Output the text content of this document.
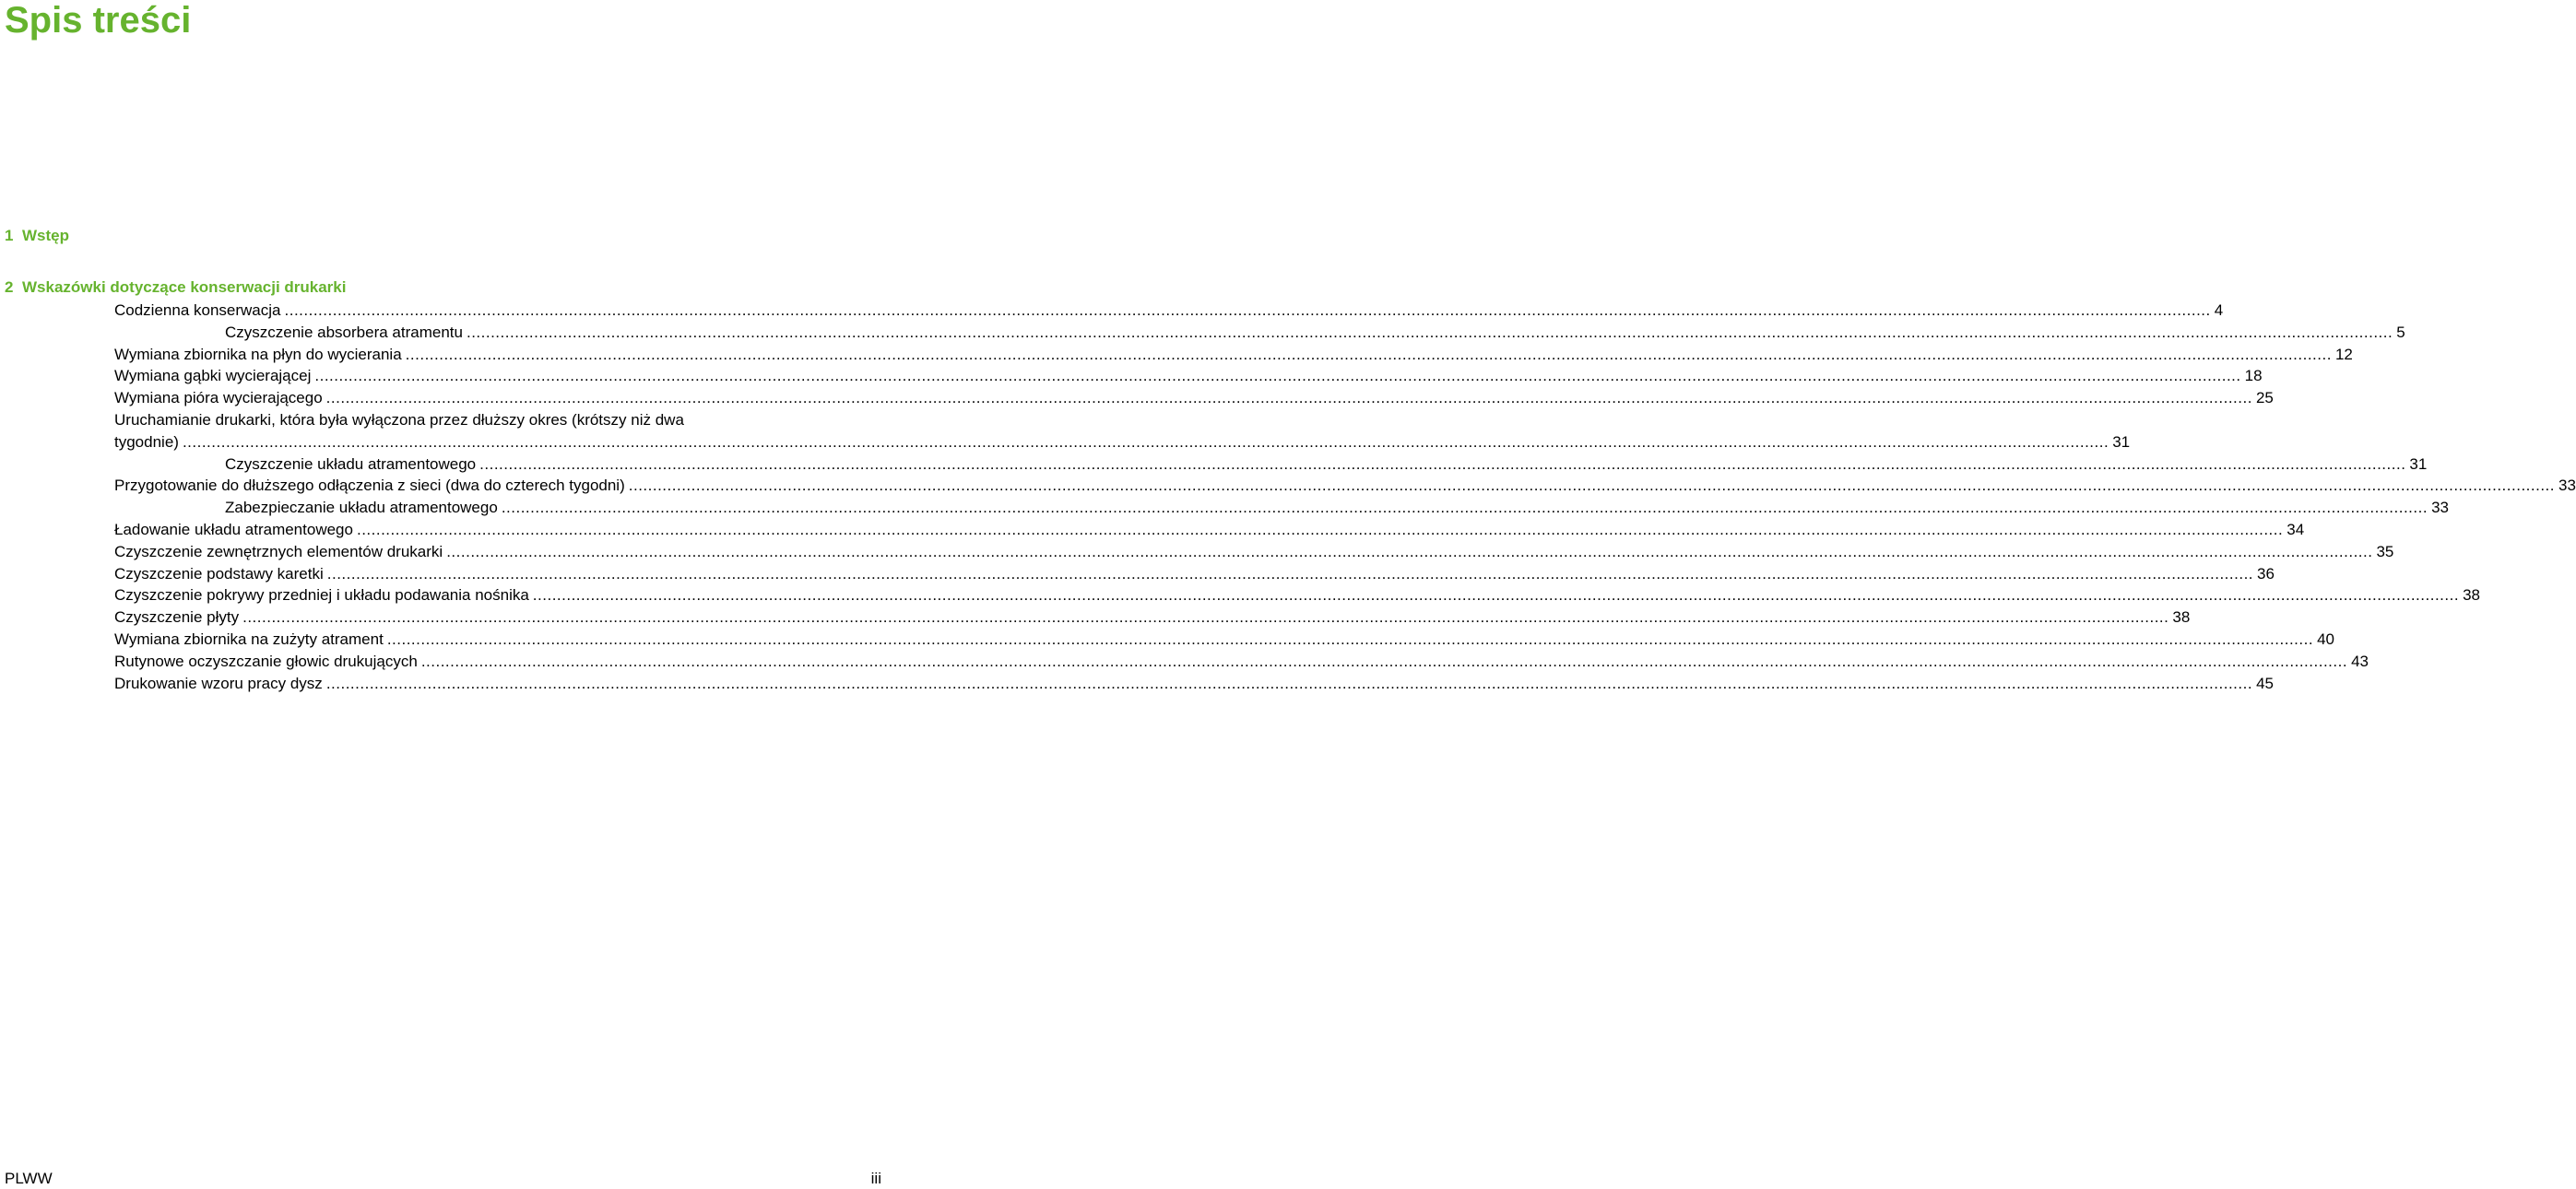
Spis treści
1 Wstęp
2 Wskazówki dotyczące konserwacji drukarki
Codzienna konserwacja ................................................................................................................................................................................................................................................................................................................................................................................................................ 4
Czyszczenie absorbera atramentu ................................................................................................................................................................................................................................................................................................................................................................................................................ 5
Wymiana zbiornika na płyn do wycierania ................................................................................................................................................................................................................................................................................................................................................................................................................ 12
Wymiana gąbki wycierającej ................................................................................................................................................................................................................................................................................................................................................................................................................ 18
Wymiana pióra wycierającego ................................................................................................................................................................................................................................................................................................................................................................................................................ 25
Uruchamianie drukarki, która była wyłączona przez dłuższy okres (krótszy niż dwa
tygodnie) ................................................................................................................................................................................................................................................................................................................................................................................................................ 31
Czyszczenie układu atramentowego ................................................................................................................................................................................................................................................................................................................................................................................................................ 31
Przygotowanie do dłuższego odłączenia z sieci (dwa do czterech tygodni) ................................................................................................................................................................................................................................................................................................................................................................................................................ 33
Zabezpieczanie układu atramentowego ................................................................................................................................................................................................................................................................................................................................................................................................................ 33
Ładowanie układu atramentowego ................................................................................................................................................................................................................................................................................................................................................................................................................ 34
Czyszczenie zewnętrznych elementów drukarki ................................................................................................................................................................................................................................................................................................................................................................................................................ 35
Czyszczenie podstawy karetki ................................................................................................................................................................................................................................................................................................................................................................................................................ 36
Czyszczenie pokrywy przedniej i układu podawania nośnika ................................................................................................................................................................................................................................................................................................................................................................................................................ 38
Czyszczenie płyty ................................................................................................................................................................................................................................................................................................................................................................................................................ 38
Wymiana zbiornika na zużyty atrament ................................................................................................................................................................................................................................................................................................................................................................................................................ 40
Rutynowe oczyszczanie głowic drukujących ................................................................................................................................................................................................................................................................................................................................................................................................................ 43
Drukowanie wzoru pracy dysz ................................................................................................................................................................................................................................................................................................................................................................................................................ 45
PLWW	iii
